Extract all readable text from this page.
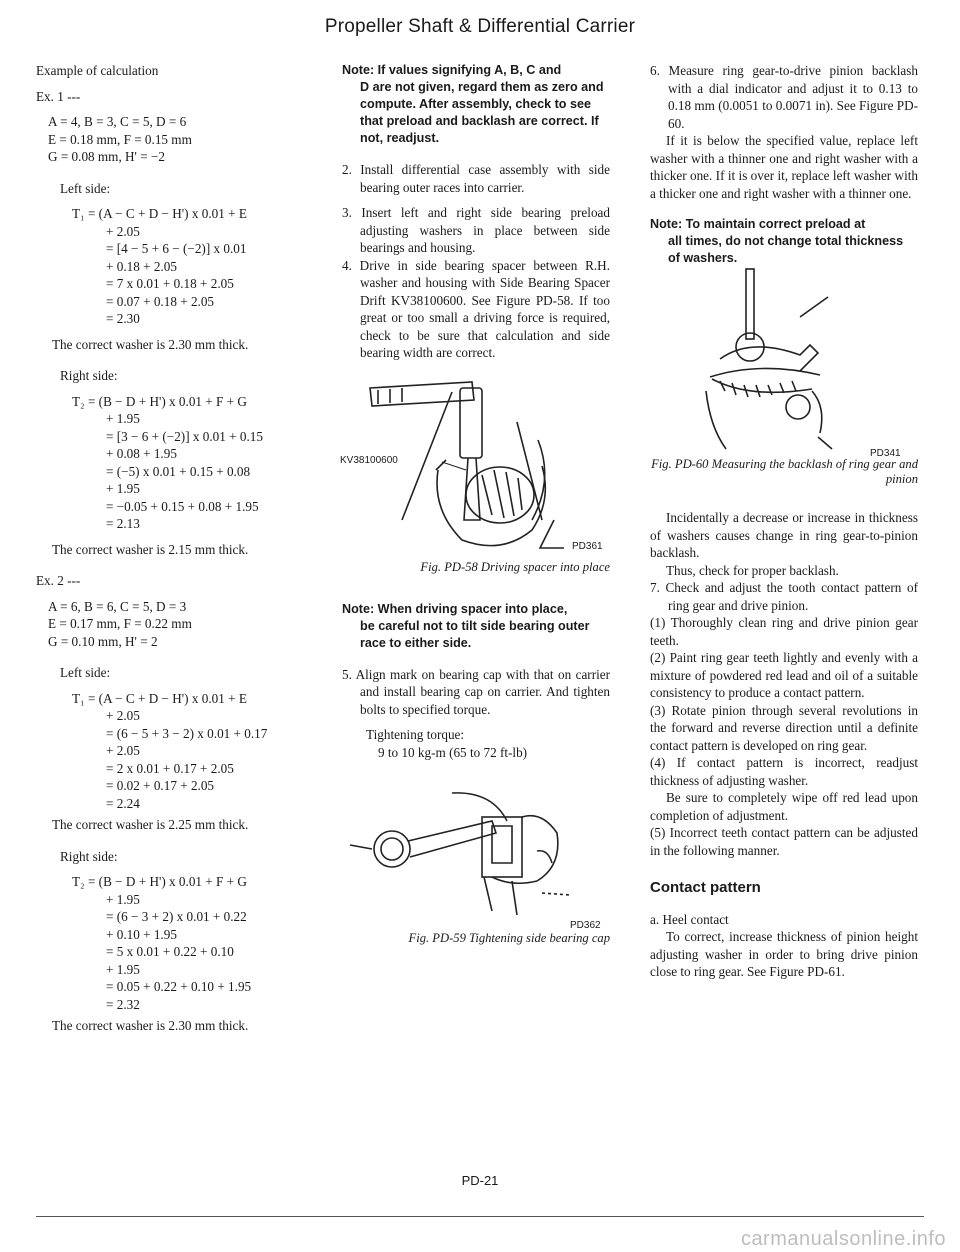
Propeller Shaft & Differential Carrier

Example of calculation

Ex. 1 ---

A = 4, B = 3, C = 5, D = 6

E = 0.18 mm, F = 0.15 mm

G = 0.08 mm, H' = −2

Left side:

T₁ = (A − C + D − H') x 0.01 + E

+ 2.05

= [4 − 5 + 6 − (−2)] x 0.01

+ 0.18 + 2.05

= 7 x 0.01 + 0.18 + 2.05

= 0.07 + 0.18 + 2.05

= 2.30

The correct washer is 2.30 mm thick.

Right side:

T₂ = (B − D + H') x 0.01 + F + G

+ 1.95

= [3 − 6 + (−2)] x 0.01 + 0.15

+ 0.08 + 1.95

= (−5) x 0.01 + 0.15 + 0.08

+ 1.95

= −0.05 + 0.15 + 0.08 + 1.95

= 2.13

The correct washer is 2.15 mm thick.

Ex. 2 ---

A = 6, B = 6, C = 5, D = 3

E = 0.17 mm, F = 0.22 mm

G = 0.10 mm, H' = 2

Left side:

T₁ = (A − C + D − H') x 0.01 + E

+ 2.05

= (6 − 5 + 3 − 2) x 0.01 + 0.17

+ 2.05

= 2 x 0.01 + 0.17 + 2.05

= 0.02 + 0.17 + 2.05

= 2.24

The correct washer is 2.25 mm thick.

Right side:

T₂ = (B − D + H') x 0.01 + F + G

+ 1.95

= (6 − 3 + 2) x 0.01 + 0.22

+ 0.10 + 1.95

= 5 x 0.01 + 0.22 + 0.10

+ 1.95

= 0.05 + 0.22 + 0.10 + 1.95

= 2.32

The correct washer is 2.30 mm thick.

Note: If values signifying A, B, C and

D are not given, regard them as zero and compute. After assembly, check to see that preload and backlash are correct. If not, readjust.

2. Install differential case assembly with side bearing outer races into carrier.

3. Insert left and right side bearing preload adjusting washers in place between side bearings and housing.

4. Drive in side bearing spacer between R.H. washer and housing with Side Bearing Spacer Drift KV38100600. See Figure PD-58. If too great or too small a driving force is required, check to be sure that calculation and side bearing width are correct.

KV38100600
PD361

Fig. PD-58 Driving spacer into place

Note: When driving spacer into place,

be careful not to tilt side bearing outer race to either side.

5. Align mark on bearing cap with that on carrier and install bearing cap on carrier. And tighten bolts to specified torque.

Tightening torque:

9 to 10 kg-m (65 to 72 ft-lb)

PD362

Fig. PD-59 Tightening side bearing cap

6. Measure ring gear-to-drive pinion backlash with a dial indicator and adjust it to 0.13 to 0.18 mm (0.0051 to 0.0071 in). See Figure PD-60.

If it is below the specified value, replace left washer with a thinner one and right washer with a thicker one. If it is over it, replace left washer with a thicker one and right washer with a thinner one.

Note: To maintain correct preload at

all times, do not change total thickness of washers.

PD341

Fig. PD-60 Measuring the backlash of ring gear and pinion

Incidentally a decrease or increase in thickness of washers causes change in ring gear-to-pinion backlash.

Thus, check for proper backlash.

7. Check and adjust the tooth contact pattern of ring gear and drive pinion.

(1) Thoroughly clean ring and drive pinion gear teeth.

(2) Paint ring gear teeth lightly and evenly with a mixture of powdered red lead and oil of a suitable consistency to produce a contact pattern.

(3) Rotate pinion through several revolutions in the forward and reverse direction until a definite contact pattern is developed on ring gear.

(4) If contact pattern is incorrect, readjust thickness of adjusting washer.

Be sure to completely wipe off red lead upon completion of adjustment.

(5) Incorrect teeth contact pattern can be adjusted in the following manner.

Contact pattern

a. Heel contact

To correct, increase thickness of pinion height adjusting washer in order to bring drive pinion close to ring gear. See Figure PD-61.

PD-21
carmanualsonline.info
